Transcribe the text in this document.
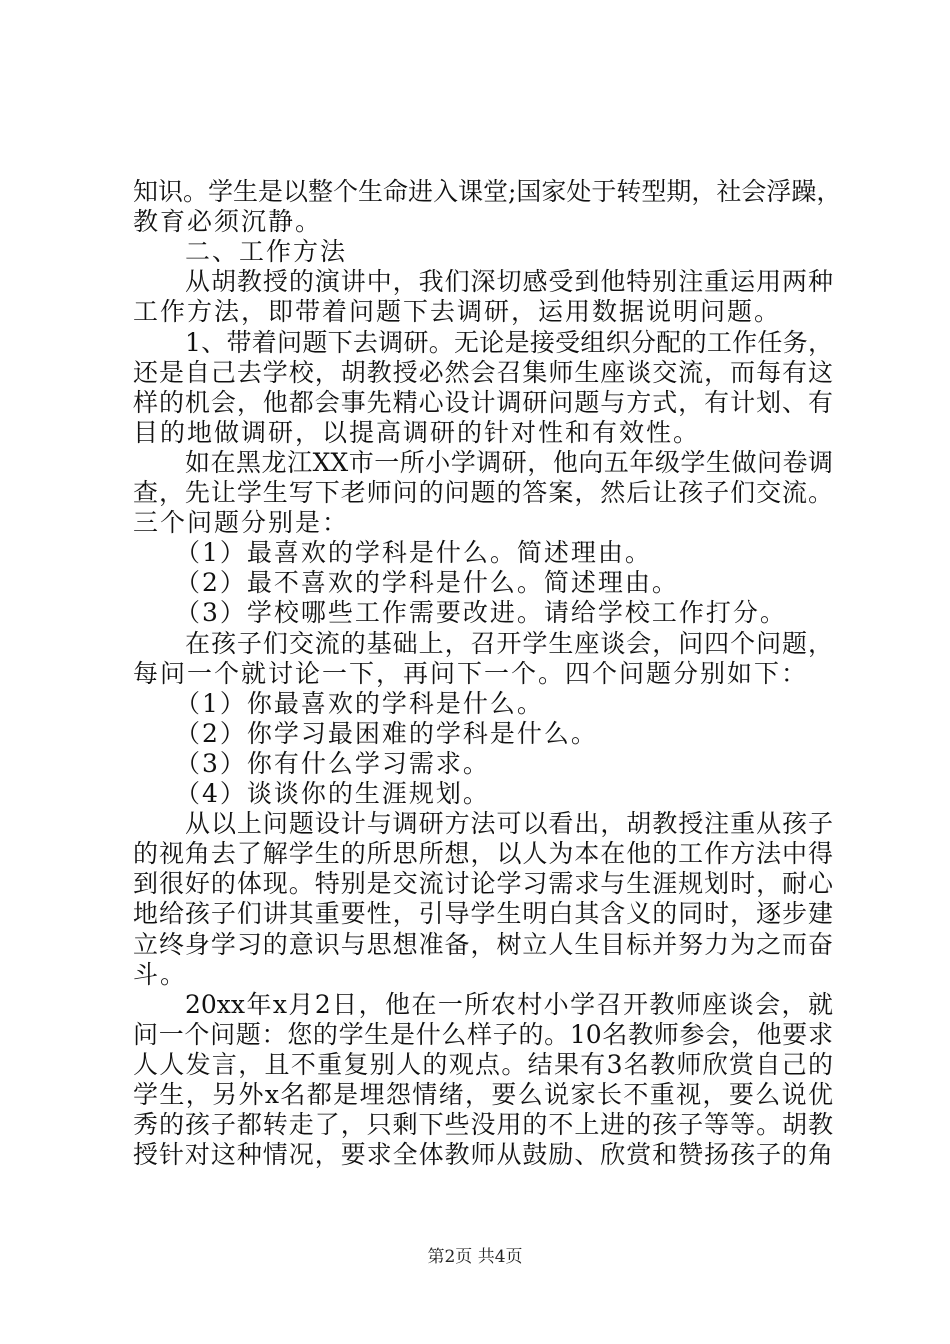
知识。学生是以整个生命进入课堂;国家处于转型期，社会浮躁，
教育必须沉静。
二、工作方法
从胡教授的演讲中，我们深切感受到他特别注重运用两种
工作方法，即带着问题下去调研，运用数据说明问题。
1、带着问题下去调研。无论是接受组织分配的工作任务，
还是自己去学校，胡教授必然会召集师生座谈交流，而每有这
样的机会，他都会事先精心设计调研问题与方式，有计划、有
目的地做调研，以提高调研的针对性和有效性。
如在黑龙江XX市一所小学调研，他向五年级学生做问卷调
查，先让学生写下老师问的问题的答案，然后让孩子们交流。
三个问题分别是：
（1）最喜欢的学科是什么。简述理由。
（2）最不喜欢的学科是什么。简述理由。
（3）学校哪些工作需要改进。请给学校工作打分。
在孩子们交流的基础上，召开学生座谈会，问四个问题，
每问一个就讨论一下，再问下一个。四个问题分别如下：
（1）你最喜欢的学科是什么。
（2）你学习最困难的学科是什么。
（3）你有什么学习需求。
（4）谈谈你的生涯规划。
从以上问题设计与调研方法可以看出，胡教授注重从孩子
的视角去了解学生的所思所想，以人为本在他的工作方法中得
到很好的体现。特别是交流讨论学习需求与生涯规划时，耐心
地给孩子们讲其重要性，引导学生明白其含义的同时，逐步建
立终身学习的意识与思想准备，树立人生目标并努力为之而奋
斗。
20xx年x月2日，他在一所农村小学召开教师座谈会，就
问一个问题：您的学生是什么样子的。10名教师参会，他要求
人人发言，且不重复别人的观点。结果有3名教师欣赏自己的
学生，另外x名都是埋怨情绪，要么说家长不重视，要么说优
秀的孩子都转走了，只剩下些没用的不上进的孩子等等。胡教
授针对这种情况，要求全体教师从鼓励、欣赏和赞扬孩子的角
第2页 共4页
